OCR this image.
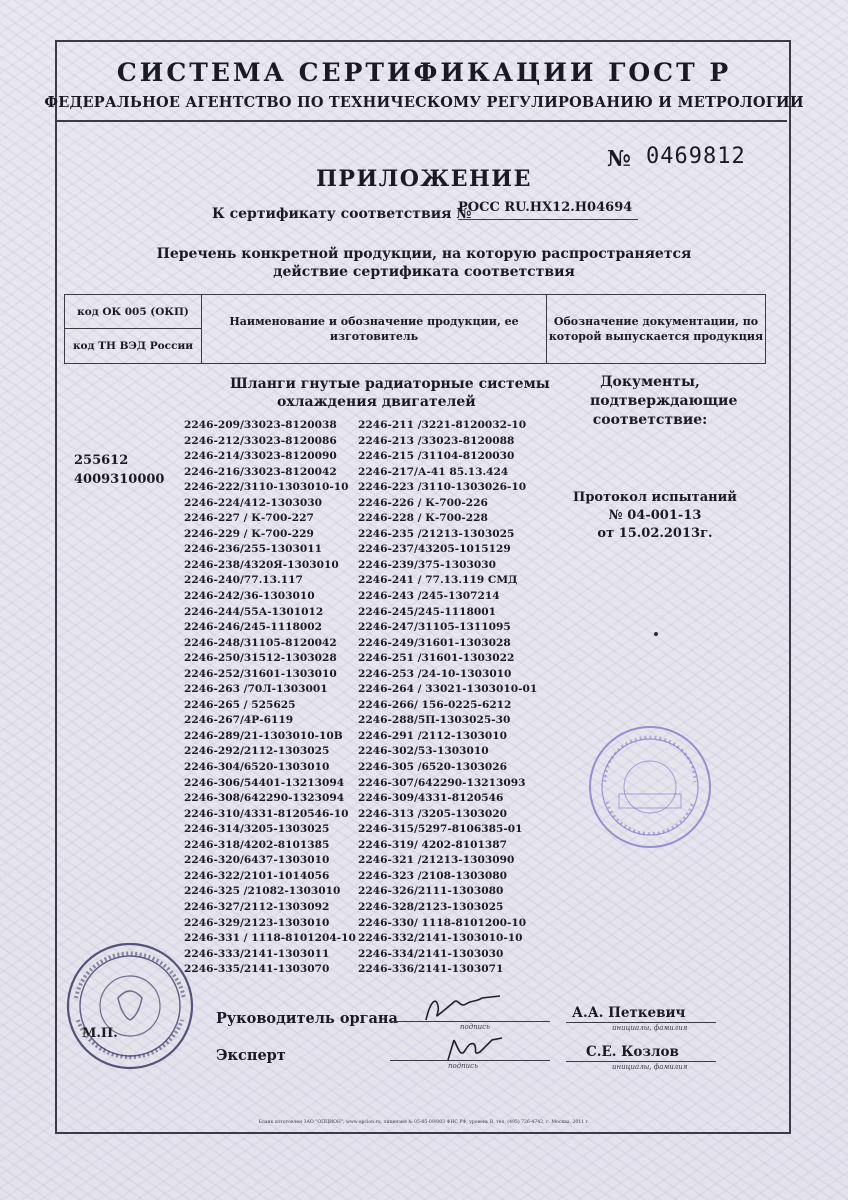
СИСТЕМА СЕРТИФИКАЦИИ ГОСТ Р
ФЕДЕРАЛЬНОЕ АГЕНТСТВО ПО ТЕХНИЧЕСКОМУ РЕГУЛИРОВАНИЮ И МЕТРОЛОГИИ
№ 0469812
ПРИЛОЖЕНИЕ
К сертификату соответствия №
РОСС RU.HX12.H04694
Перечень конкретной продукции, на которую распространяется
действие сертификата соответствия
код ОК 005 (ОКП)
код ТН ВЭД России
Наименование и обозначение продукции, ее изготовитель
Обозначение документации, по которой выпускается продукция
Шланги гнутые радиаторные системы
охлаждения двигателей
Документы,
подтверждающие
соответствие:
255612
4009310000
Протокол испытаний
№ 04-001-13
от 15.02.2013г.
2246-209/33023-8120038	2246-211 /3221-8120032-10
2246-212/33023-8120086	2246-213 /33023-8120088
2246-214/33023-8120090	2246-215 /31104-8120030
2246-216/33023-8120042	2246-217/А-41 85.13.424
2246-222/3110-1303010-10 2246-223 /3110-1303026-10
2246-224/412-1303030	2246-226 / К-700-226
2246-227 / К-700-227	2246-228 / К-700-228
2246-229 / К-700-229	2246-235 /21213-1303025
2246-236/255-1303011	2246-237/43205-1015129
2246-238/4320Я-1303010	2246-239/375-1303030
2246-240/77.13.117	2246-241 / 77.13.119 СМД
2246-242/36-1303010	2246-243 /245-1307214
2246-244/55А-1301012	2246-245/245-1118001
2246-246/245-1118002	2246-247/31105-1311095
2246-248/31105-8120042	2246-249/31601-1303028
2246-250/31512-1303028	2246-251 /31601-1303022
2246-252/31601-1303010	2246-253 /24-10-1303010
2246-263 /70Л-1303001	2246-264 / 33021-1303010-01
2246-265 / 525625	2246-266/ 156-0225-6212
2246-267/4Р-6119	2246-288/5П-1303025-30
2246-289/21-1303010-10В	2246-291 /2112-1303010
2246-292/2112-1303025	2246-302/53-1303010
2246-304/6520-1303010	2246-305 /6520-1303026
2246-306/54401-13213094	2246-307/642290-13213093
2246-308/642290-1323094	2246-309/4331-8120546
2246-310/4331-8120546-10 2246-313 /3205-1303020
2246-314/3205-1303025	2246-315/5297-8106385-01
2246-318/4202-8101385	2246-319/ 4202-8101387
2246-320/6437-1303010	2246-321 /21213-1303090
2246-322/2101-1014056	2246-323 /2108-1303080
2246-325 /21082-1303010	2246-326/2111-1303080
2246-327/2112-1303092	2246-328/2123-1303025
2246-329/2123-1303010	2246-330/ 1118-8101200-10
2246-331 / 1118-8101204-10 2246-332/2141-1303010-10
2246-333/2141-1303011	2246-334/2141-1303030
2246-335/2141-1303070	2246-336/2141-1303071
М.П.
Руководитель органа	подпись
А.А. Петкевич
инициалы, фамилия
Эксперт
подпись
С.Е. Козлов
инициалы, фамилия
Бланк изготовлен ЗАО "ОПЦИОН", www.opcion.ru, лицензия № 05-05-09/003 ФНС РФ, уровень В, тел. (495) 726-4742, г. Москва, 2011 г.
